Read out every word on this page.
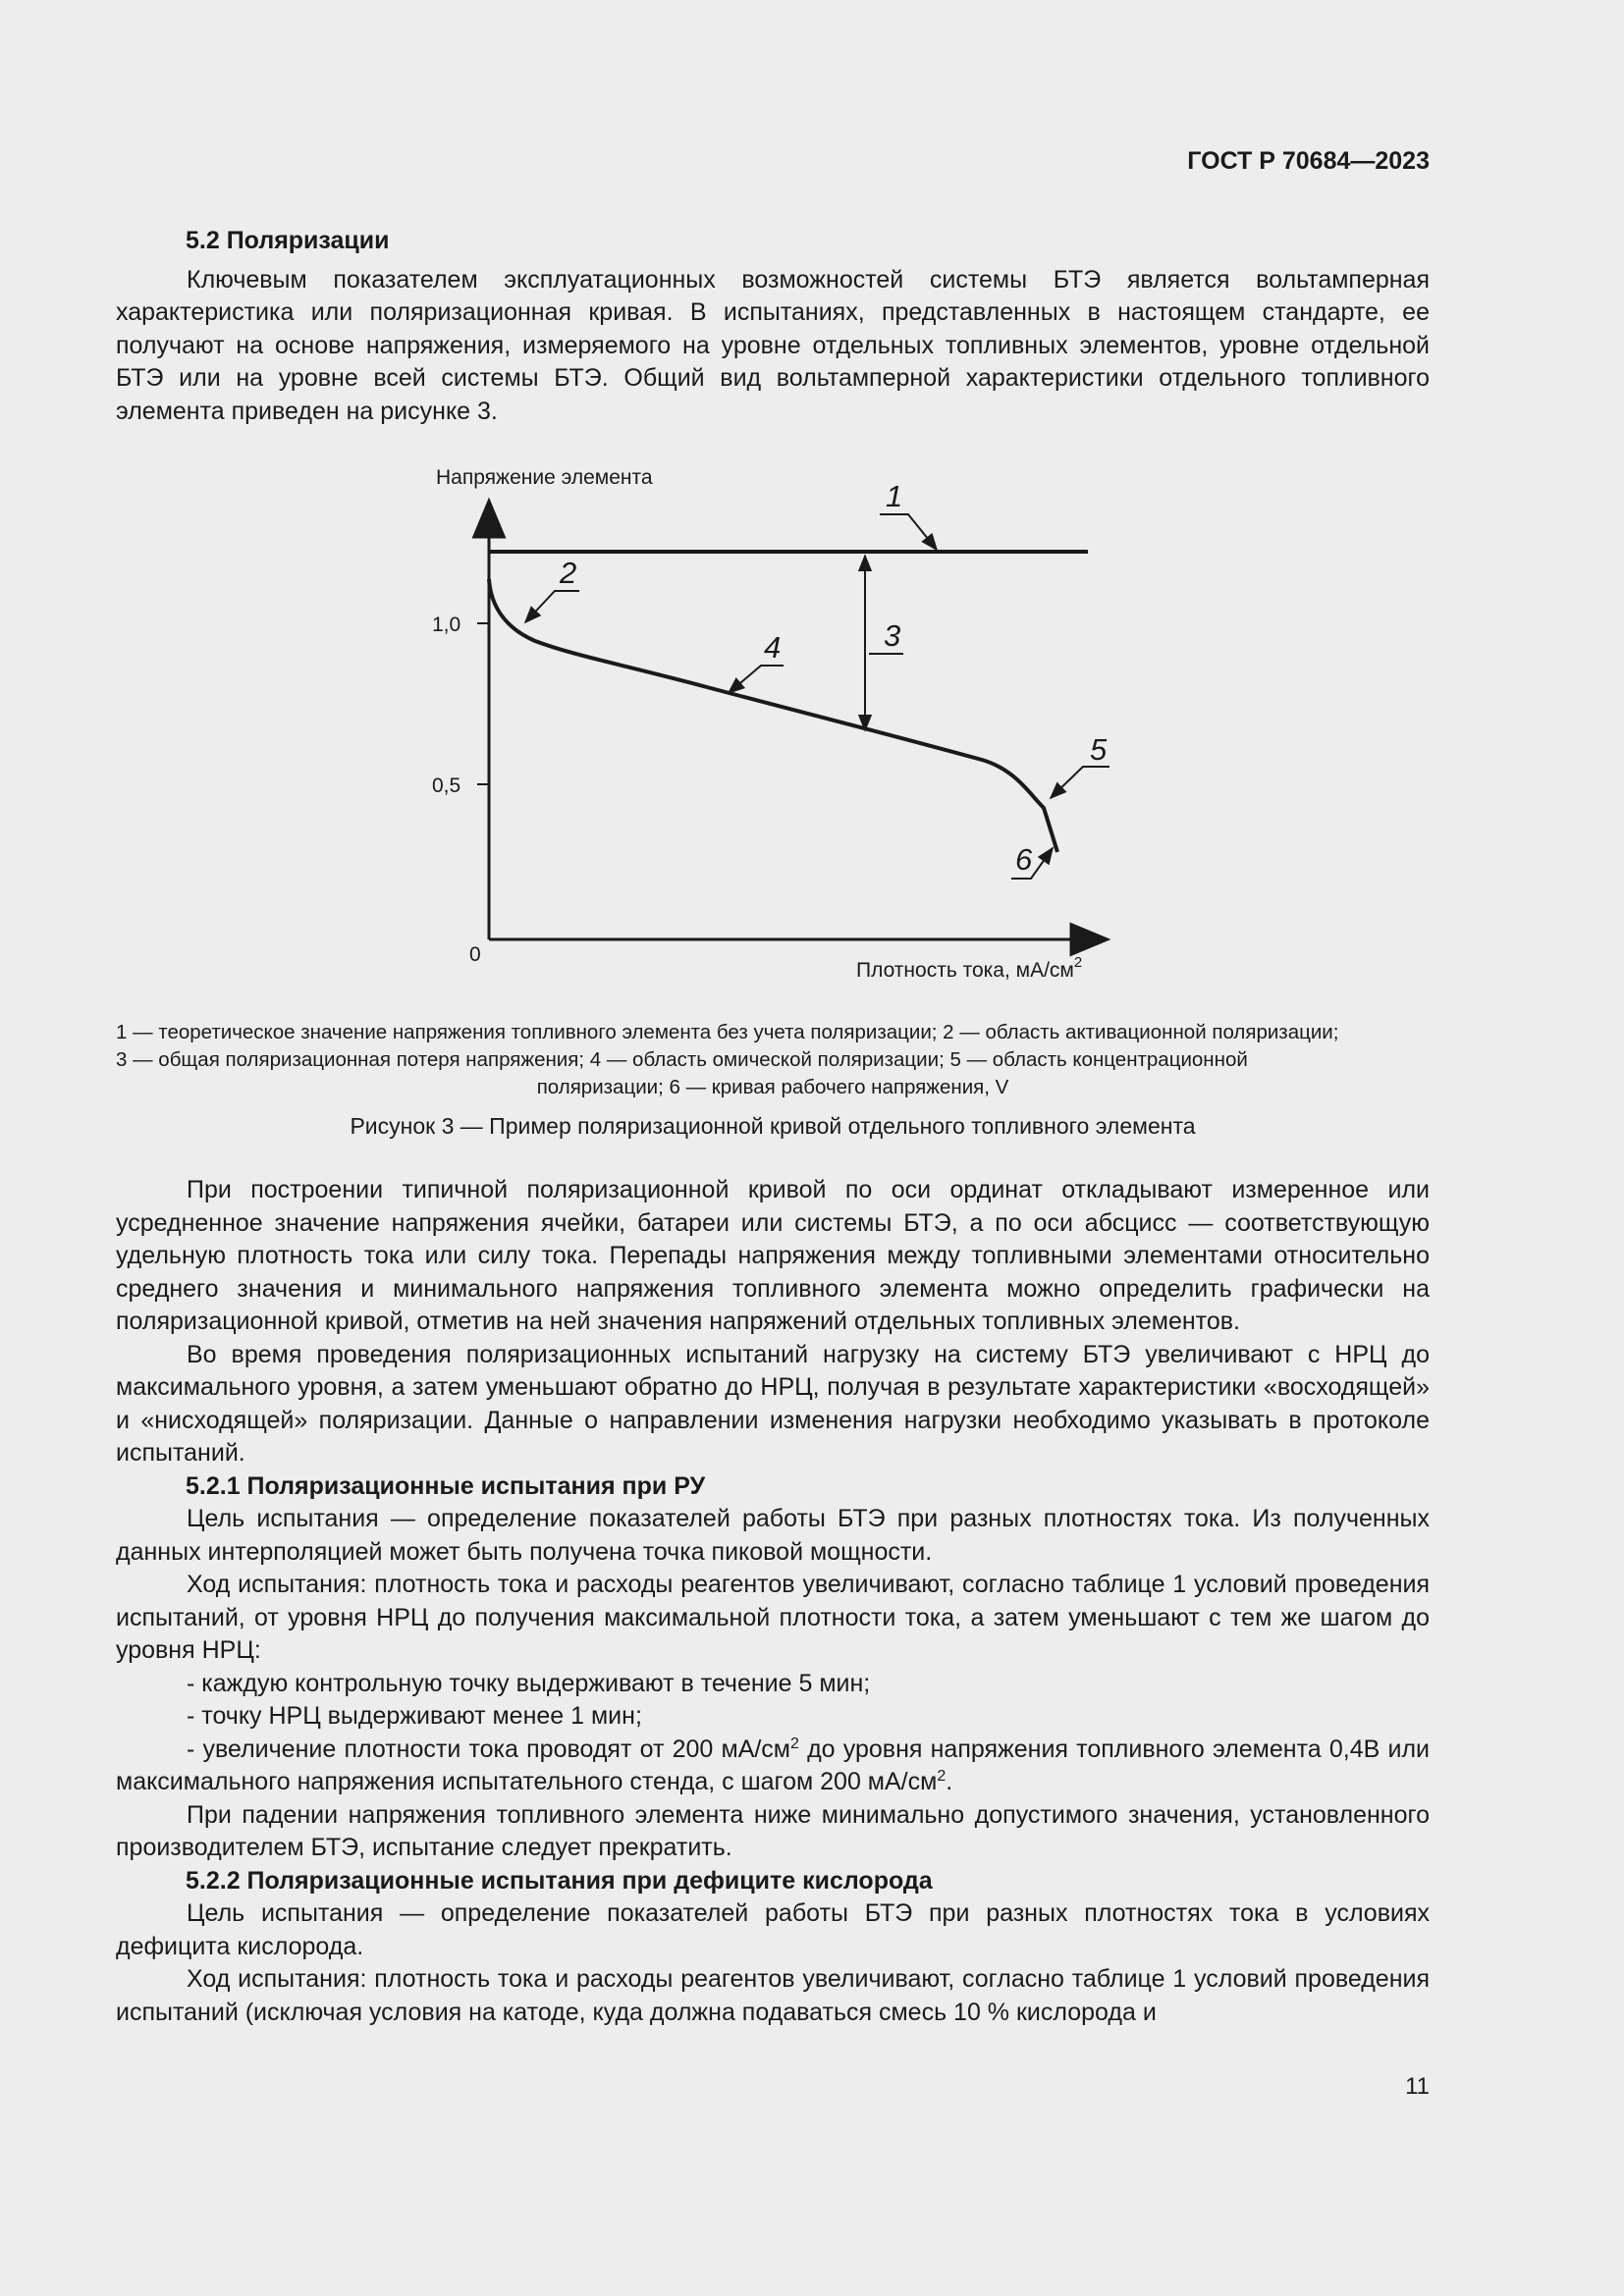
ГОСТ Р 70684—2023

5.2 Поляризации

Ключевым показателем эксплуатационных возможностей системы БТЭ является вольтамперная характеристика или поляризационная кривая. В испытаниях, представленных в настоящем стандарте, ее получают на основе напряжения, измеряемого на уровне отдельных топливных элементов, уровне отдельной БТЭ или на уровне всей системы БТЭ. Общий вид вольтамперной характеристики отдельного топливного элемента приведен на рисунке 3.

Напряжение элемента
1,0
0,5
0
Плотность тока, $мА/см^2$
1
2
3
4
5
6
1 — теоретическое значение напряжения топливного элемента без учета поляризации; 2 — область активационной поляризации;
3 — общая поляризационная потеря напряжения; 4 — область омической поляризации; 5 — область концентрационной
поляризации; 6 — кривая рабочего напряжения, V
Рисунок 3 — Пример поляризационной кривой отдельного топливного элемента

При построении типичной поляризационной кривой по оси ординат откладывают измеренное или усредненное значение напряжения ячейки, батареи или системы БТЭ, а по оси абсцисс — соответствующую удельную плотность тока или силу тока. Перепады напряжения между топливными элементами относительно среднего значения и минимального напряжения топливного элемента можно определить графически на поляризационной кривой, отметив на ней значения напряжений отдельных топливных элементов.

Во время проведения поляризационных испытаний нагрузку на систему БТЭ увеличивают с НРЦ до максимального уровня, а затем уменьшают обратно до НРЦ, получая в результате характеристики «восходящей» и «нисходящей» поляризации. Данные о направлении изменения нагрузки необходимо указывать в протоколе испытаний.

5.2.1 Поляризационные испытания при РУ

Цель испытания — определение показателей работы БТЭ при разных плотностях тока. Из полученных данных интерполяцией может быть получена точка пиковой мощности.

Ход испытания: плотность тока и расходы реагентов увеличивают, согласно таблице 1 условий проведения испытаний, от уровня НРЦ до получения максимальной плотности тока, а затем уменьшают с тем же шагом до уровня НРЦ:

- каждую контрольную точку выдерживают в течение 5 мин;

- точку НРЦ выдерживают менее 1 мин;

- увеличение плотности тока проводят от 200 $мА/см^2$ до уровня напряжения топливного элемента 0,4В или максимального напряжения испытательного стенда, с шагом 200 $мА/см^2$.

При падении напряжения топливного элемента ниже минимально допустимого значения, установленного производителем БТЭ, испытание следует прекратить.

5.2.2 Поляризационные испытания при дефиците кислорода

Цель испытания — определение показателей работы БТЭ при разных плотностях тока в условиях дефицита кислорода.

Ход испытания: плотность тока и расходы реагентов увеличивают, согласно таблице 1 условий проведения испытаний (исключая условия на катоде, куда должна подаваться смесь 10 % кислорода и

11
